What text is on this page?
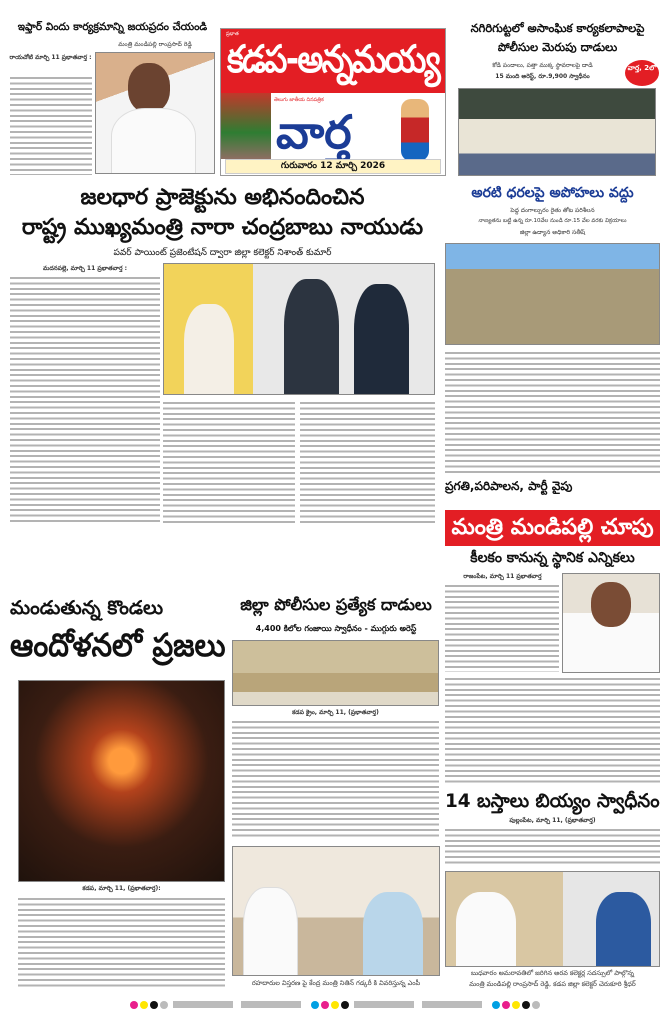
ఇఫ్తార్ విందు కార్యక్రమాన్ని జయప్రదం చేయండి
మంత్రి మండిపల్లి రాంప్రసాద్ రెడ్డి
రాయచోటి మార్చి 11 ప్రభాతవార్త :
ప్రభాత
కడప-అన్నమయ్య
తెలుగు జాతీయ దినపత్రిక
వార్త
గురువారం 12 మార్చి 2026
నగిరిగుట్టలో అసాంఘిక కార్యకలాపాలపై
పోలీసుల మెరుపు దాడులు
కోడి పందాలు, పత్తా ముక్క స్థావరాలపై దాడి
15 మంది అరెస్ట్, రూ.9,900 స్వాధీనం
వార్త, 2లో
జలధార ప్రాజెక్టును అభినందించిన
రాష్ట్ర ముఖ్యమంత్రి నారా చంద్రబాబు నాయుడు
పవర్ పాయింట్ ప్రజెంటేషన్ ద్వారా జిల్లా కలెక్టర్ నిశాంత్ కుమార్
మదనపల్లె, మార్చి 11 ప్రభాతవార్త :
అరటి ధరలపై అపోహలు వద్దు
పెద్ద దంగాల్పురం రైతు తోట పరిశీలన
నాణ్యతను బట్టి ఉన్న రూ.10వేల నుండి రూ.15 వేల వరకు విక్రయాలు
జిల్లా ఉద్యాన అధికారి సతీష్
ప్రగతి,పరిపాలన, పార్టీ వైపు
మంత్రి మండిపల్లి చూపు
కీలకం కానున్న స్థానిక ఎన్నికలు
రాజంపేట, మార్చి 11 ప్రభాతవార్త
మండుతున్న కొండలు
ఆందోళనలో ప్రజలు
కడప, మార్చి 11, (ప్రభాతవార్త):
జిల్లా పోలీసుల ప్రత్యేక దాడులు
4,400 కిలోల గంజాయి స్వాధీనం - ముగ్గురు అరెస్ట్
కడప క్రైం, మార్చి 11, (ప్రభాతవార్త)
రహదారుల విస్తరణ పై కేంద్ర మంత్రి నితిన్ గడ్కరీ కి వివరిస్తున్న ఎంపీ
14 బస్తాలు బియ్యం స్వాధీనం
పుల్లంపేట, మార్చి 11, (ప్రభాతవార్త)
బుధవారం అమరావతిలో జరిగిన అరవ కలెక్టర్ల సదస్సులో పాల్గొన్న
మంత్రి మండిపల్లి రాంప్రసాద్ రెడ్డి, కడప జిల్లా కలెక్టర్ చెరుకూరి శ్రీధర్
